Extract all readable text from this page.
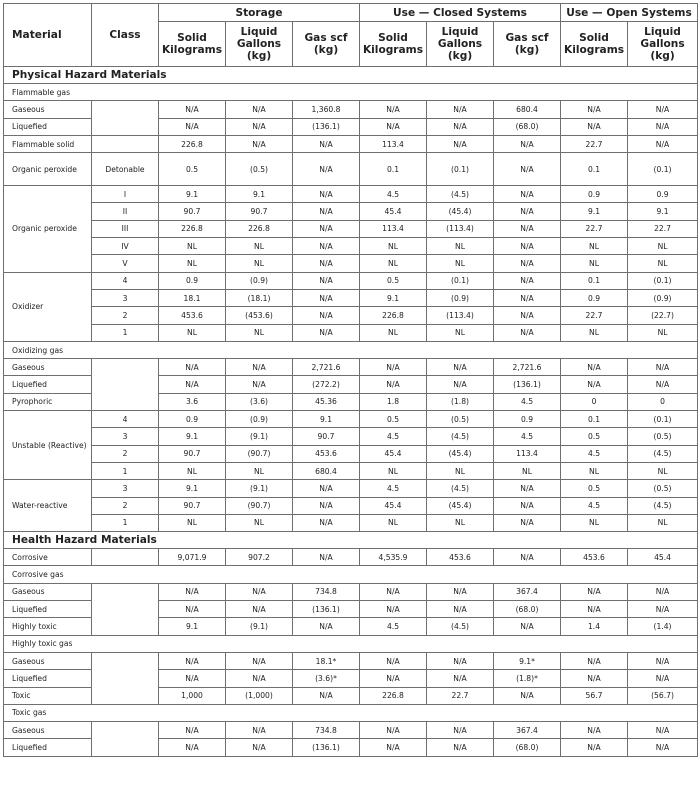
Material	Class	Storage			Use — Closed Systems			Use — Open Systems	
		Solid Kilograms	Liquid Gallons (kg)	Gas scf (kg)	Solid Kilograms	Liquid Gallons (kg)	Gas scf (kg)	Solid Kilograms	Liquid Gallons (kg)
Physical Hazard Materials									
Flammable gas									
Gaseous		N/A	N/A	1,360.8	N/A	N/A	680.4	N/A	N/A
Liquefied		N/A	N/A	(136.1)	N/A	N/A	(68.0)	N/A	N/A
Flammable solid		226.8	N/A	N/A	113.4	N/A	N/A	22.7	N/A
Organic peroxide	Detonable	0.5	(0.5)	N/A	0.1	(0.1)	N/A	0.1	(0.1)
Organic peroxide	I	9.1	9.1	N/A	4.5	(4.5)	N/A	0.9	0.9
	II	90.7	90.7	N/A	45.4	(45.4)	N/A	9.1	9.1
	III	226.8	226.8	N/A	113.4	(113.4)	N/A	22.7	22.7
	IV	NL	NL	N/A	NL	NL	N/A	NL	NL
	V	NL	NL	N/A	NL	NL	N/A	NL	NL
Oxidizer	4	0.9	(0.9)	N/A	0.5	(0.1)	N/A	0.1	(0.1)
	3	18.1	(18.1)	N/A	9.1	(0.9)	N/A	0.9	(0.9)
	2	453.6	(453.6)	N/A	226.8	(113.4)	N/A	22.7	(22.7)
	1	NL	NL	N/A	NL	NL	N/A	NL	NL
Oxidizing gas									
Gaseous		N/A	N/A	2,721.6	N/A	N/A	2,721.6	N/A	N/A
Liquefied		N/A	N/A	(272.2)	N/A	N/A	(136.1)	N/A	N/A
Pyrophoric		3.6	(3.6)	45.36	1.8	(1.8)	4.5	0	0
Unstable (Reactive)	4	0.9	(0.9)	9.1	0.5	(0.5)	0.9	0.1	(0.1)
	3	9.1	(9.1)	90.7	4.5	(4.5)	4.5	0.5	(0.5)
	2	90.7	(90.7)	453.6	45.4	(45.4)	113.4	4.5	(4.5)
	1	NL	NL	680.4	NL	NL	NL	NL	NL
Water-reactive	3	9.1	(9.1)	N/A	4.5	(4.5)	N/A	0.5	(0.5)
	2	90.7	(90.7)	N/A	45.4	(45.4)	N/A	4.5	(4.5)
	1	NL	NL	N/A	NL	NL	N/A	NL	NL
Health Hazard Materials									
Corrosive		9,071.9	907.2	N/A	4,535.9	453.6	N/A	453.6	45.4
Corrosive gas									
Gaseous		N/A	N/A	734.8	N/A	N/A	367.4	N/A	N/A
Liquefied		N/A	N/A	(136.1)	N/A	N/A	(68.0)	N/A	N/A
Highly toxic		9.1	(9.1)	N/A	4.5	(4.5)	N/A	1.4	(1.4)
Highly toxic gas									
Gaseous		N/A	N/A	18.1*	N/A	N/A	9.1*	N/A	N/A
Liquefied		N/A	N/A	(3.6)*	N/A	N/A	(1.8)*	N/A	N/A
Toxic		1,000	(1,000)	N/A	226.8	22.7	N/A	56.7	(56.7)
Toxic gas									
Gaseous		N/A	N/A	734.8	N/A	N/A	367.4	N/A	N/A
Liquefied		N/A	N/A	(136.1)	N/A	N/A	(68.0)	N/A	N/A
